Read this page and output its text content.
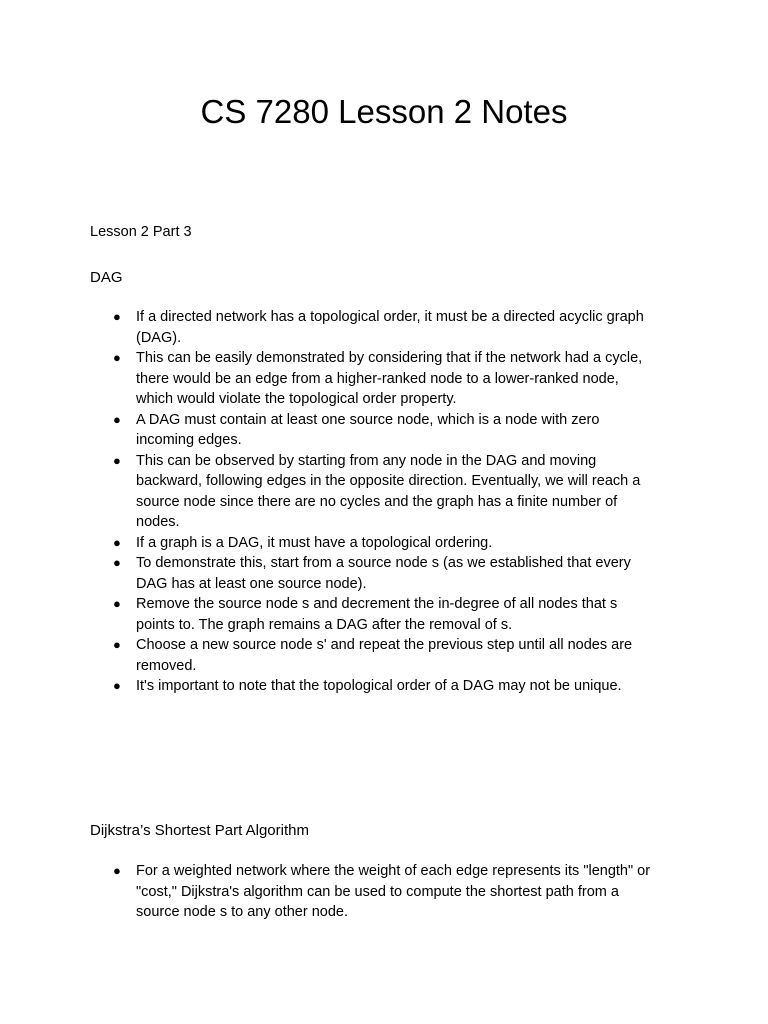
CS 7280 Lesson 2 Notes

Lesson 2 Part 3

DAG
● If a directed network has a topological order, it must be a directed acyclic graph
(DAG).
● This can be easily demonstrated by considering that if the network had a cycle,
there would be an edge from a higher-ranked node to a lower-ranked node,
which would violate the topological order property.
● A DAG must contain at least one source node, which is a node with zero
incoming edges.
● This can be observed by starting from any node in the DAG and moving
backward, following edges in the opposite direction. Eventually, we will reach a
source node since there are no cycles and the graph has a finite number of
nodes.
● If a graph is a DAG, it must have a topological ordering.
● To demonstrate this, start from a source node s (as we established that every
DAG has at least one source node).
● Remove the source node s and decrement the in-degree of all nodes that s
points to. The graph remains a DAG after the removal of s.
● Choose a new source node s' and repeat the previous step until all nodes are
removed.
● It's important to note that the topological order of a DAG may not be unique.
Dijkstra’s Shortest Part Algorithm
● For a weighted network where the weight of each edge represents its "length" or
"cost," Dijkstra's algorithm can be used to compute the shortest path from a
source node s to any other node.
